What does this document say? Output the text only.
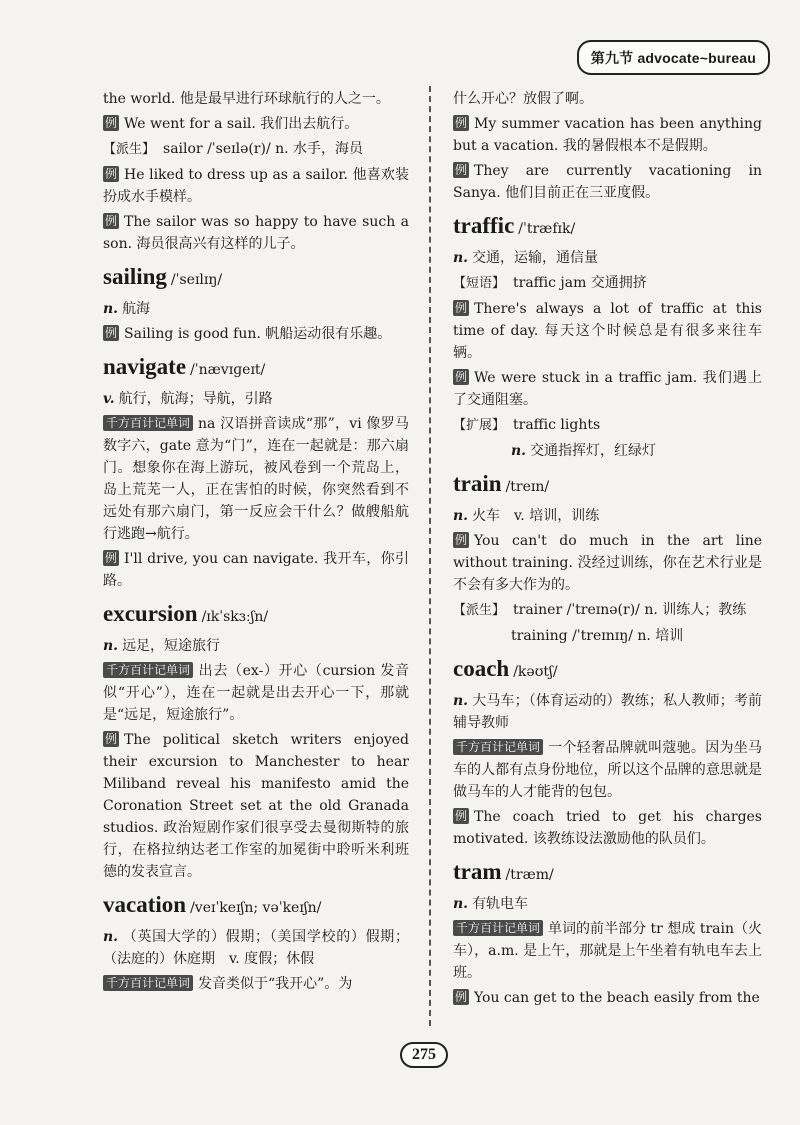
第九节 advocate~bureau
the world. 他是最早进行环球航行的人之一。
例 We went for a sail. 我们出去航行。
【派生】 sailor /ˈseɪlə(r)/ n. 水手，海员
例 He liked to dress up as a sailor. 他喜欢装扮成水手模样。
例 The sailor was so happy to have such a son. 海员很高兴有这样的儿子。
sailing /ˈseɪlɪŋ/
n. 航海
例 Sailing is good fun. 帆船运动很有乐趣。
navigate /ˈnævɪɡeɪt/
v. 航行，航海；导航，引路
千方百计记单词 na 汉语拼音读成“那”，vi 像罗马数字六，gate 意为“门”，连在一起就是：那六扇门。想象你在海上游玩，被风卷到一个荒岛上，岛上荒芜一人，正在害怕的时候，你突然看到不远处有那六扇门，第一反应会干什么？做艘船航行逃跑→航行。
例 I'll drive, you can navigate. 我开车，你引路。
excursion /ɪkˈskɜːʃn/
n. 远足，短途旅行
千方百计记单词 出去（ex-）开心（cursion 发音似“开心”），连在一起就是出去开心一下，那就是“远足，短途旅行”。
例 The political sketch writers enjoyed their excursion to Manchester to hear Miliband reveal his manifesto amid the Coronation Street set at the old Granada studios. 政治短剧作家们很享受去曼彻斯特的旅行，在格拉纳达老工作室的加冕街中聆听米利班德的发表宣言。
vacation /veɪˈkeɪʃn; vəˈkeɪʃn/
n. （英国大学的）假期；（美国学校的）假期；（法庭的）休庭期　v. 度假；休假
千方百计记单词 发音类似于“我开心”。为
什么开心？放假了啊。
例 My summer vacation has been anything but a vacation. 我的暑假根本不是假期。
例 They are currently vacationing in Sanya. 他们目前正在三亚度假。
traffic /ˈtræfɪk/
n. 交通，运输，通信量
【短语】 traffic jam 交通拥挤
例 There's always a lot of traffic at this time of day. 每天这个时候总是有很多来往车辆。
例 We were stuck in a traffic jam. 我们遇上了交通阻塞。
【扩展】 traffic lights
n. 交通指挥灯，红绿灯
train /treɪn/
n. 火车　v. 培训，训练
例 You can't do much in the art line without training. 没经过训练，你在艺术行业是不会有多大作为的。
【派生】 trainer /ˈtreɪnə(r)/ n. 训练人；教练
training /ˈtreɪnɪŋ/ n. 培训
coach /kəʊtʃ/
n. 大马车；（体育运动的）教练；私人教师；考前辅导教师
千方百计记单词 一个轻奢品牌就叫蔻驰。因为坐马车的人都有点身份地位，所以这个品牌的意思就是做马车的人才能背的包包。
例 The coach tried to get his charges motivated. 该教练设法激励他的队员们。
tram /træm/
n. 有轨电车
千方百计记单词 单词的前半部分 tr 想成 train（火车），a.m. 是上午，那就是上午坐着有轨电车去上班。
例 You can get to the beach easily from the
275
